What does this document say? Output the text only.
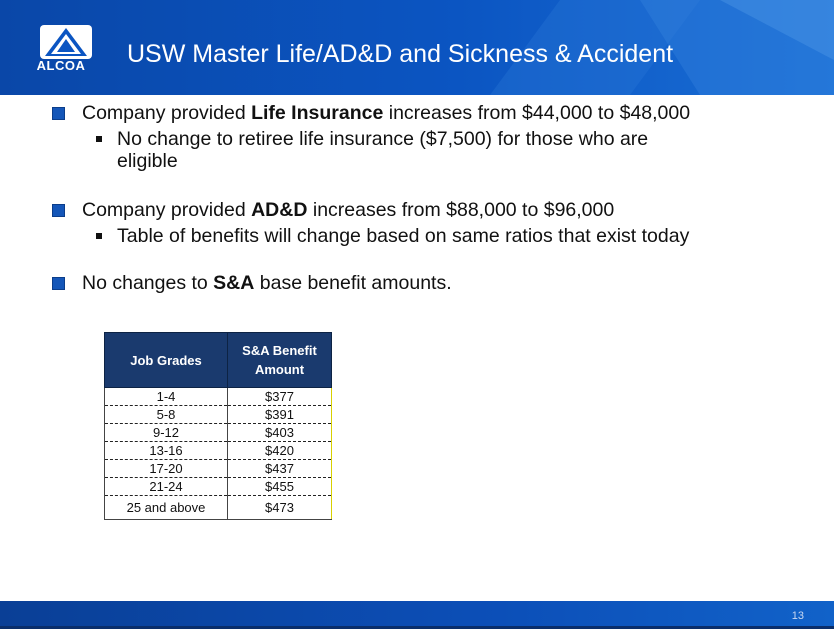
ALCOA	USW Master Life/AD&D and Sickness & Accident
Company provided Life Insurance increases from $44,000 to $48,000
No change to retiree life insurance ($7,500) for those who are
eligible
Company provided AD&D increases from $88,000 to $96,000
Table of benefits will change based on same ratios that exist today
No changes to S&A base benefit amounts.
Job Grades	S&A Benefit
Amount

1-4	$377
5-8	$391
9-12	$403
13-16	$420
17-20	$437
21-24	$455
25 and above	$473
13
